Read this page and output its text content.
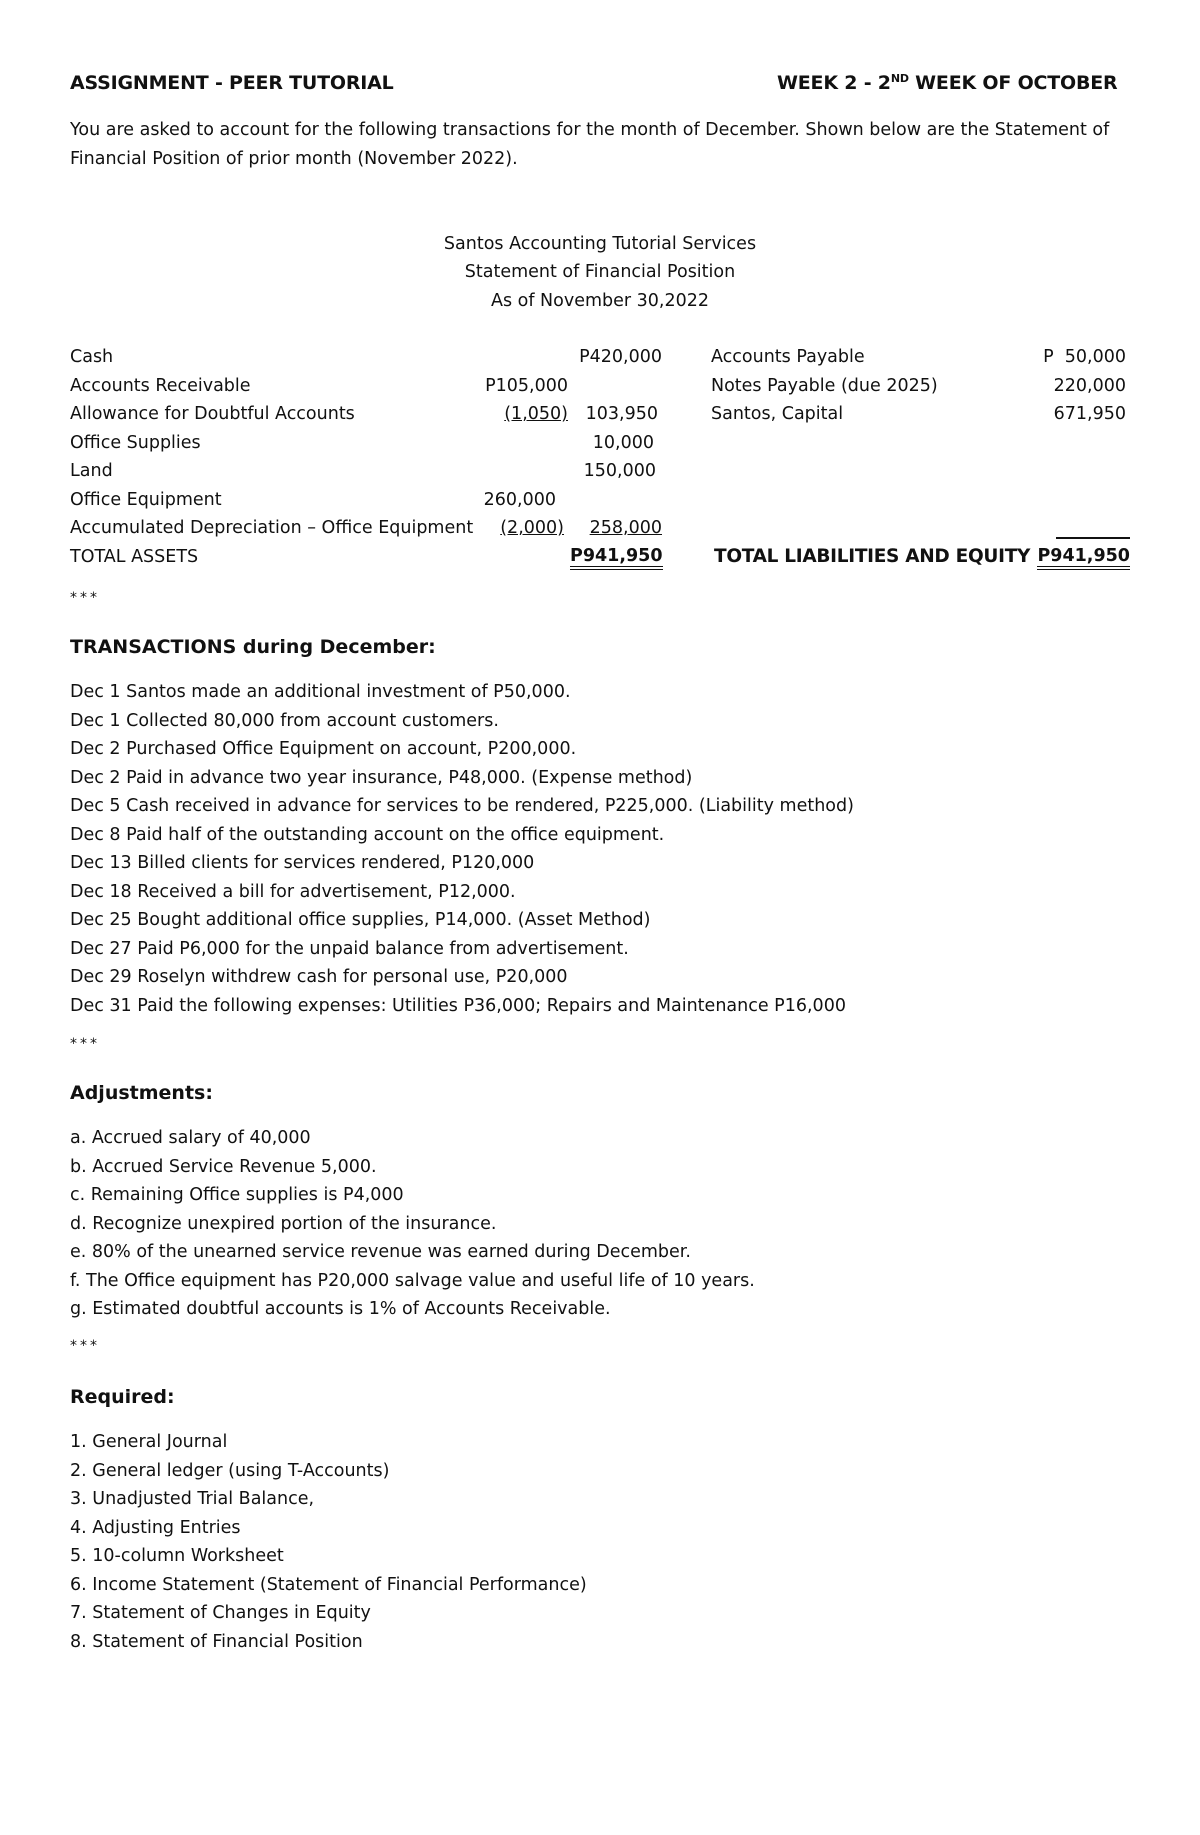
ASSIGNMENT - PEER TUTORIAL	WEEK 2 - 2ND WEEK OF OCTOBER
You are asked to account for the following transactions for the month of December. Shown below are the Statement of Financial Position of prior month (November 2022).
Santos Accounting Tutorial Services
Statement of Financial Position
As of November 30,2022
Cash	P420,000
Accounts Receivable	P105,000
Allowance for Doubtful Accounts	(1,050)	103,950
Office Supplies	10,000
Land	150,000
Office Equipment	260,000
Accumulated Depreciation – Office Equipment	(2,000)	258,000
TOTAL ASSETS	P941,950
Accounts Payable	P  50,000
Notes Payable (due 2025)	220,000
Santos, Capital	671,950
TOTAL LIABILITIES AND EQUITY P941,950
***
TRANSACTIONS during December:
Dec 1 Santos made an additional investment of P50,000.
Dec 1 Collected 80,000 from account customers.
Dec 2 Purchased Office Equipment on account, P200,000.
Dec 2 Paid in advance two year insurance, P48,000. (Expense method)
Dec 5 Cash received in advance for services to be rendered, P225,000. (Liability method)
Dec 8 Paid half of the outstanding account on the office equipment.
Dec 13 Billed clients for services rendered, P120,000
Dec 18 Received a bill for advertisement, P12,000.
Dec 25 Bought additional office supplies, P14,000. (Asset Method)
Dec 27 Paid P6,000 for the unpaid balance from advertisement.
Dec 29 Roselyn withdrew cash for personal use, P20,000
Dec 31 Paid the following expenses: Utilities P36,000; Repairs and Maintenance P16,000
***
Adjustments:
a. Accrued salary of 40,000
b. Accrued Service Revenue 5,000.
c. Remaining Office supplies is P4,000
d. Recognize unexpired portion of the insurance.
e. 80% of the unearned service revenue was earned during December.
f. The Office equipment has P20,000 salvage value and useful life of 10 years.
g. Estimated doubtful accounts is 1% of Accounts Receivable.
***
Required:
1. General Journal
2. General ledger (using T-Accounts)
3. Unadjusted Trial Balance,
4. Adjusting Entries
5. 10-column Worksheet
6. Income Statement (Statement of Financial Performance)
7. Statement of Changes in Equity
8. Statement of Financial Position
